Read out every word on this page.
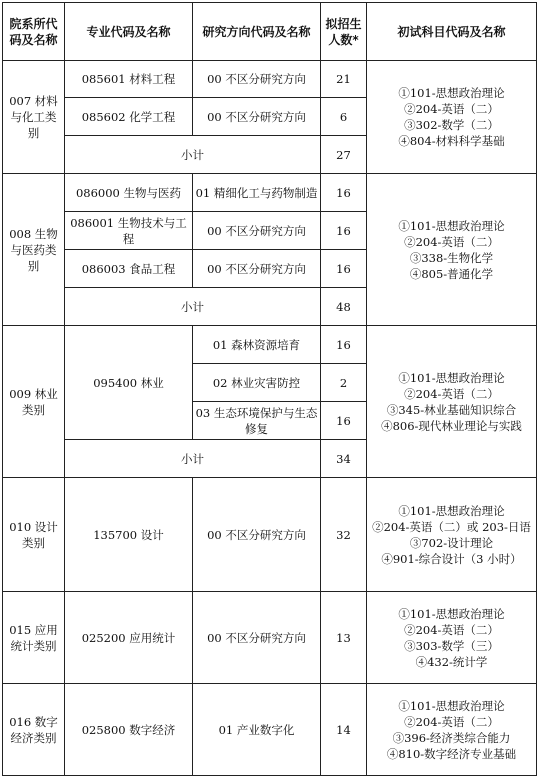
院系所代码及名称	专业代码及名称	研究方向代码及名称	拟招生人数*	初试科目代码及名称
007 材料与化工类别	085601 材料工程	00 不区分研究方向	21	①101-思想政治理论
②204-英语（二）
③302-数学（二）
④804-材料科学基础

	085602 化学工程	00 不区分研究方向	6	
	小计		27	
008 生物与医药类别	086000 生物与医药	01 精细化工与药物制造	16	①101-思想政治理论
②204-英语（二）
③338-生物化学
④805-普通化学

	086001 生物技术与工程	00 不区分研究方向	16	
	086003 食品工程	00 不区分研究方向	16	
	小计		48	
009 林业类别	095400 林业	01 森林资源培育	16	①101-思想政治理论
②204-英语（二）
③345-林业基础知识综合
④806-现代林业理论与实践

		02 林业灾害防控	2	
		03 生态环境保护与生态修复	16	
	小计		34	
010 设计类别	135700 设计	00 不区分研究方向	32	①101-思想政治理论
②204-英语（二）或 203-日语
③702-设计理论
④901-综合设计（3 小时）

015 应用统计类别	025200 应用统计	00 不区分研究方向	13	①101-思想政治理论
②204-英语（二）
③303-数学（三）
④432-统计学

016 数字经济类别	025800 数字经济	01 产业数字化	14	①101-思想政治理论
②204-英语（二）
③396-经济类综合能力
④810-数字经济专业基础
